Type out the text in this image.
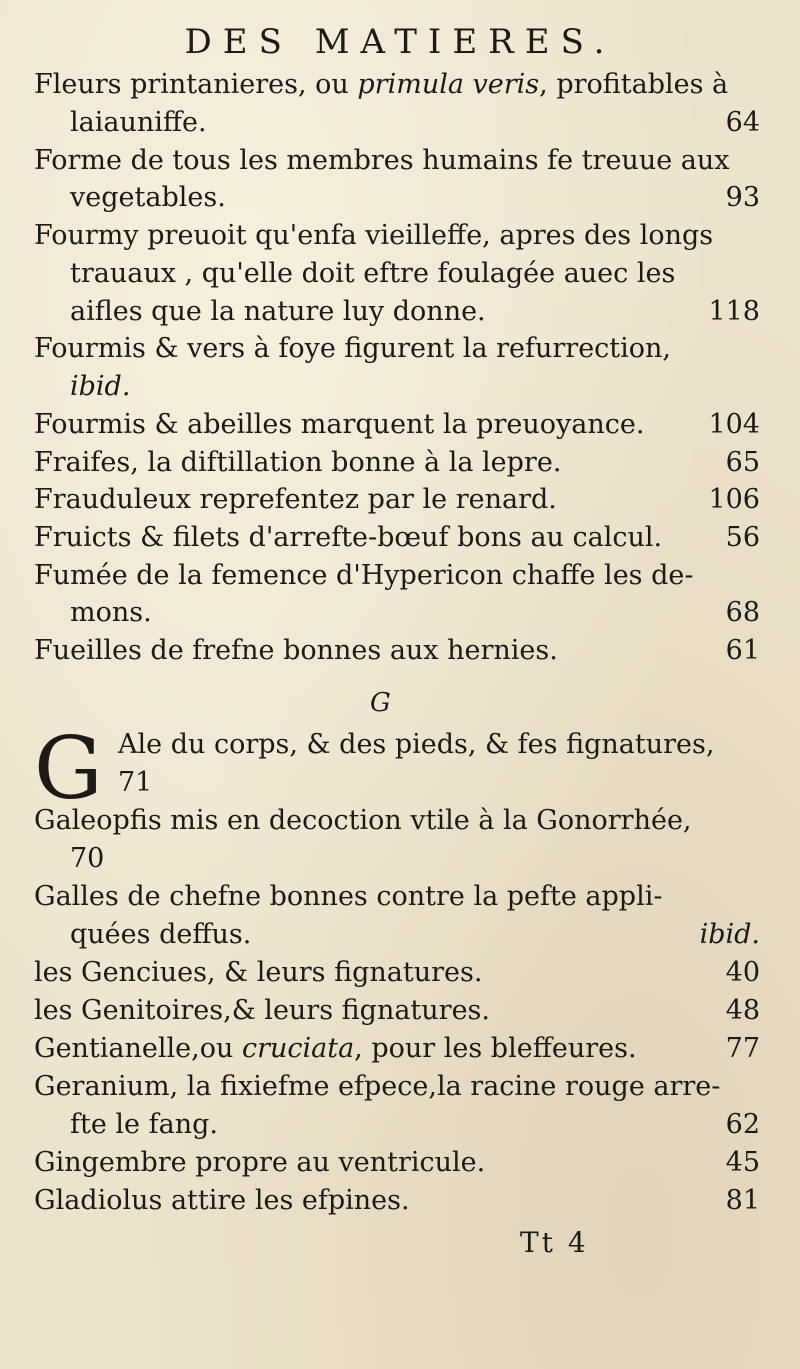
DES MATIERES.
Fleurs printanieres, ou primula veris, profitables à
laiauniffe.	64
Forme de tous les membres humains fe treuue aux
vegetables.	93
Fourmy preuoit qu'enfa vieilleffe, apres des longs
trauaux , qu'elle doit eftre foulagée auec les
aifles que la nature luy donne.	118
Fourmis & vers à foye figurent la refurrection,
ibid.
Fourmis & abeilles marquent la preuoyance.	104
Fraifes, la diftillation bonne à la lepre.	65
Frauduleux reprefentez par le renard.	106
Fruicts & filets d'arrefte-bœuf bons au calcul.	56
Fumée de la femence d'Hypericon chaffe les de-
mons.	68
Fueilles de frefne bonnes aux hernies.	61
G
G Ale du corps, & des pieds, & fes fignatures,
71
Galeopfis mis en decoction vtile à la Gonorrhée,
70
Galles de chefne bonnes contre la pefte appli-
quées deffus.	ibid.
les Genciues, & leurs fignatures.	40
les Genitoires,& leurs fignatures.	48
Gentianelle,ou cruciata, pour les bleffeures.	77
Geranium, la fixiefme efpece,la racine rouge arre-
fte le fang.	62
Gingembre propre au ventricule.	45
Gladiolus attire les efpines.	81
Tt 4
